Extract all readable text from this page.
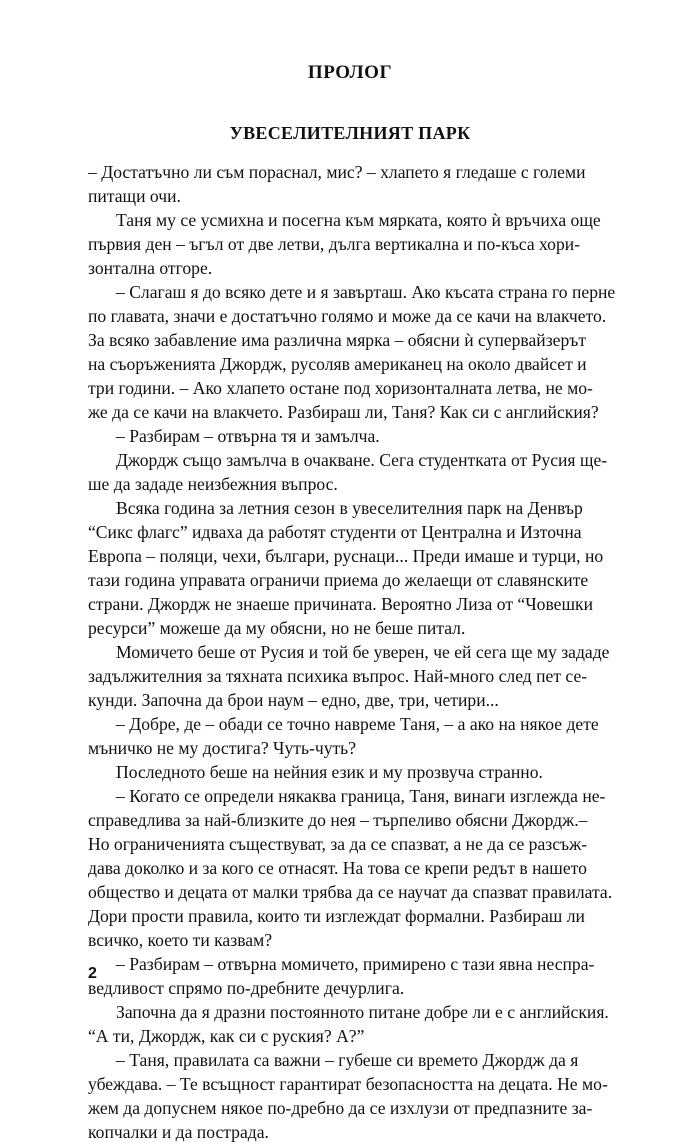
ПРОЛОГ
УВЕСЕЛИТЕЛНИЯТ ПАРК
– Достатъчно ли съм пораснал, мис? – хлапето я гледаше с големи
питащи очи.
Таня му се усмихна и посегна към мярката, която ѝ връчиха още
първия ден – ъгъл от две летви, дълга вертикална и по-къса хори-
зонтална отгоре.
– Слагаш я до всяко дете и я завърташ. Ако късата страна го перне
по главата, значи е достатъчно голямо и може да се качи на влакчето.
За всяко забавление има различна мярка – обясни ѝ супервайзерът
на съоръженията Джордж, русоляв американец на около двайсет и
три години. – Ако хлапето остане под хоризонталната летва, не мо-
же да се качи на влакчето. Разбираш ли, Таня? Как си с английския?
– Разбирам – отвърна тя и замълча.
Джордж също замълча в очакване. Сега студентката от Русия ще-
ше да зададе неизбежния въпрос.
Всяка година за летния сезон в увеселителния парк на Денвър
“Сикс флагс” идваха да работят студенти от Централна и Източна
Европа – поляци, чехи, българи, руснаци... Преди имаше и турци, но
тази година управата ограничи приема до желаещи от славянските
страни. Джордж не знаеше причината. Вероятно Лиза от “Човешки
ресурси” можеше да му обясни, но не беше питал.
Момичето беше от Русия и той бе уверен, че ей сега ще му зададе
задължителния за тяхната психика въпрос. Най-много след пет се-
кунди. Започна да брои наум – едно, две, три, четири...
– Добре, де – обади се точно навреме Таня, – а ако на някое дете
мъничко не му достига? Чуть-чуть?
Последното беше на нейния език и му прозвуча странно.
– Когато се определи някаква граница, Таня, винаги изглежда не-
справедлива за най-близките до нея – търпеливо обясни Джордж.–
Но ограниченията съществуват, за да се спазват, а не да се разсъж-
дава доколко и за кого се отнасят. На това се крепи редът в нашето
общество и децата от малки трябва да се научат да спазват правилата.
Дори прости правила, които ти изглеждат формални. Разбираш ли
всичко, което ти казвам?
– Разбирам – отвърна момичето, примирено с тази явна неспра-
ведливост спрямо по-дребните дечурлига.
Започна да я дразни постоянното питане добре ли е с английския.
“А ти, Джордж, как си с руския? А?”
– Таня, правилата са важни – губеше си времето Джордж да я
убеждава. – Те всъщност гарантират безопасността на децата. Не мо-
жем да допуснем някое по-дребно да се изхлузи от предпазните за-
копчалки и да пострада.
2
